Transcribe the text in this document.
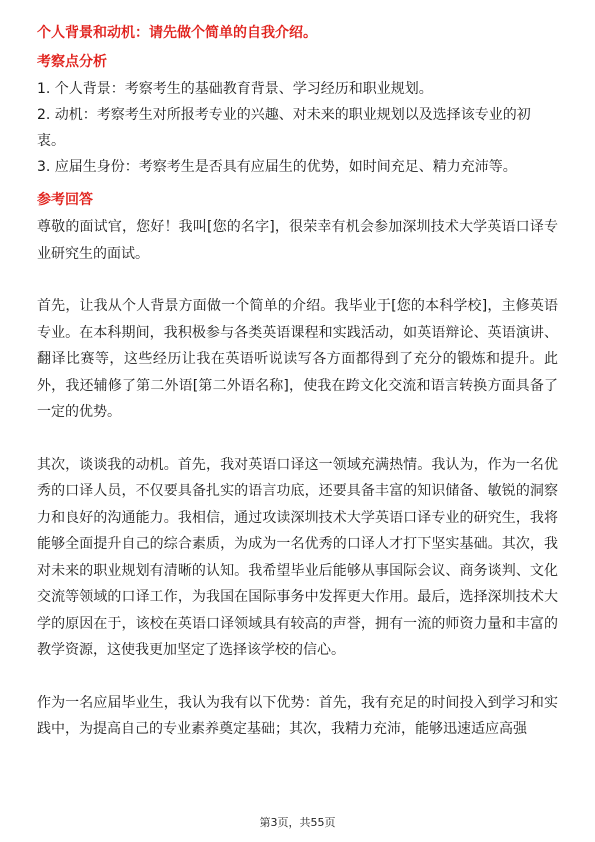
个人背景和动机：请先做个简单的自我介绍。
考察点分析
1. 个人背景：考察考生的基础教育背景、学习经历和职业规划。
2. 动机：考察考生对所报考专业的兴趣、对未来的职业规划以及选择该专业的初衷。
3. 应届生身份：考察考生是否具有应届生的优势，如时间充足、精力充沛等。
参考回答

尊敬的面试官，您好！我叫[您的名字]，很荣幸有机会参加深圳技术大学英语口译专业研究生的面试。

首先，让我从个人背景方面做一个简单的介绍。我毕业于[您的本科学校]，主修英语专业。在本科期间，我积极参与各类英语课程和实践活动，如英语辩论、英语演讲、翻译比赛等，这些经历让我在英语听说读写各方面都得到了充分的锻炼和提升。此外，我还辅修了第二外语[第二外语名称]，使我在跨文化交流和语言转换方面具备了一定的优势。

其次，谈谈我的动机。首先，我对英语口译这一领域充满热情。我认为，作为一名优秀的口译人员，不仅要具备扎实的语言功底，还要具备丰富的知识储备、敏锐的洞察力和良好的沟通能力。我相信，通过攻读深圳技术大学英语口译专业的研究生，我将能够全面提升自己的综合素质，为成为一名优秀的口译人才打下坚实基础。其次，我对未来的职业规划有清晰的认知。我希望毕业后能够从事国际会议、商务谈判、文化交流等领域的口译工作，为我国在国际事务中发挥更大作用。最后，选择深圳技术大学的原因在于，该校在英语口译领域具有较高的声誉，拥有一流的师资力量和丰富的教学资源，这使我更加坚定了选择该学校的信心。

作为一名应届毕业生，我认为我有以下优势：首先，我有充足的时间投入到学习和实践中，为提高自己的专业素养奠定基础；其次，我精力充沛，能够迅速适应高强

第3页，共55页
